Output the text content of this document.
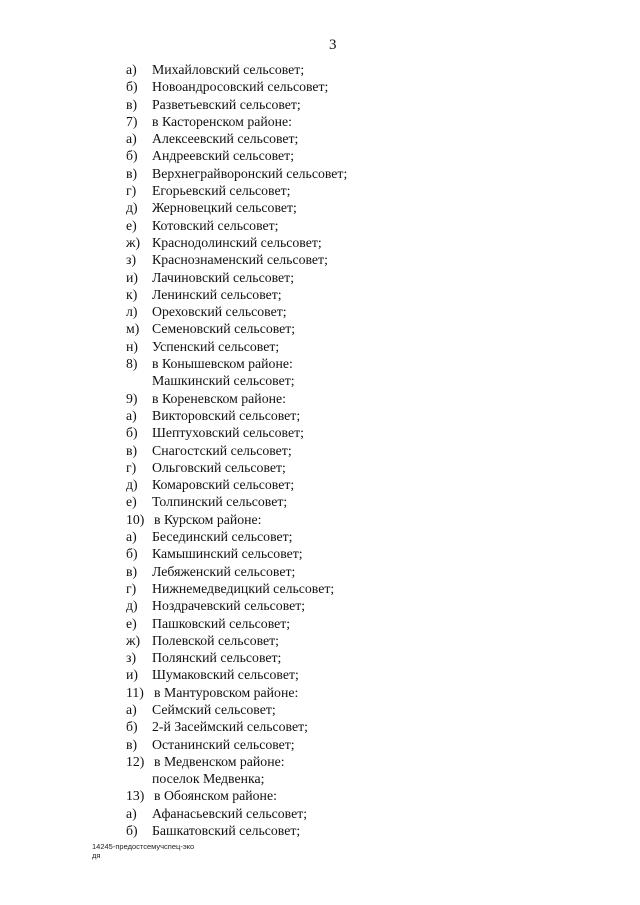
3
а)	Михайловский сельсовет;
б)	Новоандросовский сельсовет;
в)	Разветьевский сельсовет;
7)	в Касторенском районе:
а)	Алексеевский сельсовет;
б)	Андреевский сельсовет;
в)	Верхнеграйворонский сельсовет;
г)	Егорьевский сельсовет;
д)	Жерновецкий сельсовет;
е)	Котовский сельсовет;
ж) Краснодолинский сельсовет;
з)	Краснознаменский сельсовет;
и)	Лачиновский сельсовет;
к)	Ленинский сельсовет;
л)	Ореховский сельсовет;
м) Семеновский сельсовет;
н)	Успенский сельсовет;
8)	в Конышевском районе:
Машкинский сельсовет;
9)	в Кореневском районе:
а)	Викторовский сельсовет;
б)	Шептуховский сельсовет;
в)	Снагостский сельсовет;
г)	Ольговский сельсовет;
д)	Комаровский сельсовет;
е)	Толпинский сельсовет;
10) в Курском районе:
а)	Бесединский сельсовет;
б)	Камышинский сельсовет;
в)	Лебяженский сельсовет;
г)	Нижнемедведицкий сельсовет;
д)	Ноздрачевский сельсовет;
е)	Пашковский сельсовет;
ж) Полевской сельсовет;
з)	Полянский сельсовет;
и)	Шумаковский сельсовет;
11) в Мантуровском районе:
а)	Сеймский сельсовет;
б)	2-й Засеймский сельсовет;
в)	Останинский сельсовет;
12) в Медвенском районе:
поселок Медвенка;
13) в Обоянском районе:
а)	Афанасьевский сельсовет;
б)	Башкатовский сельсовет;
14245-предостсемучспец-эко
дя
